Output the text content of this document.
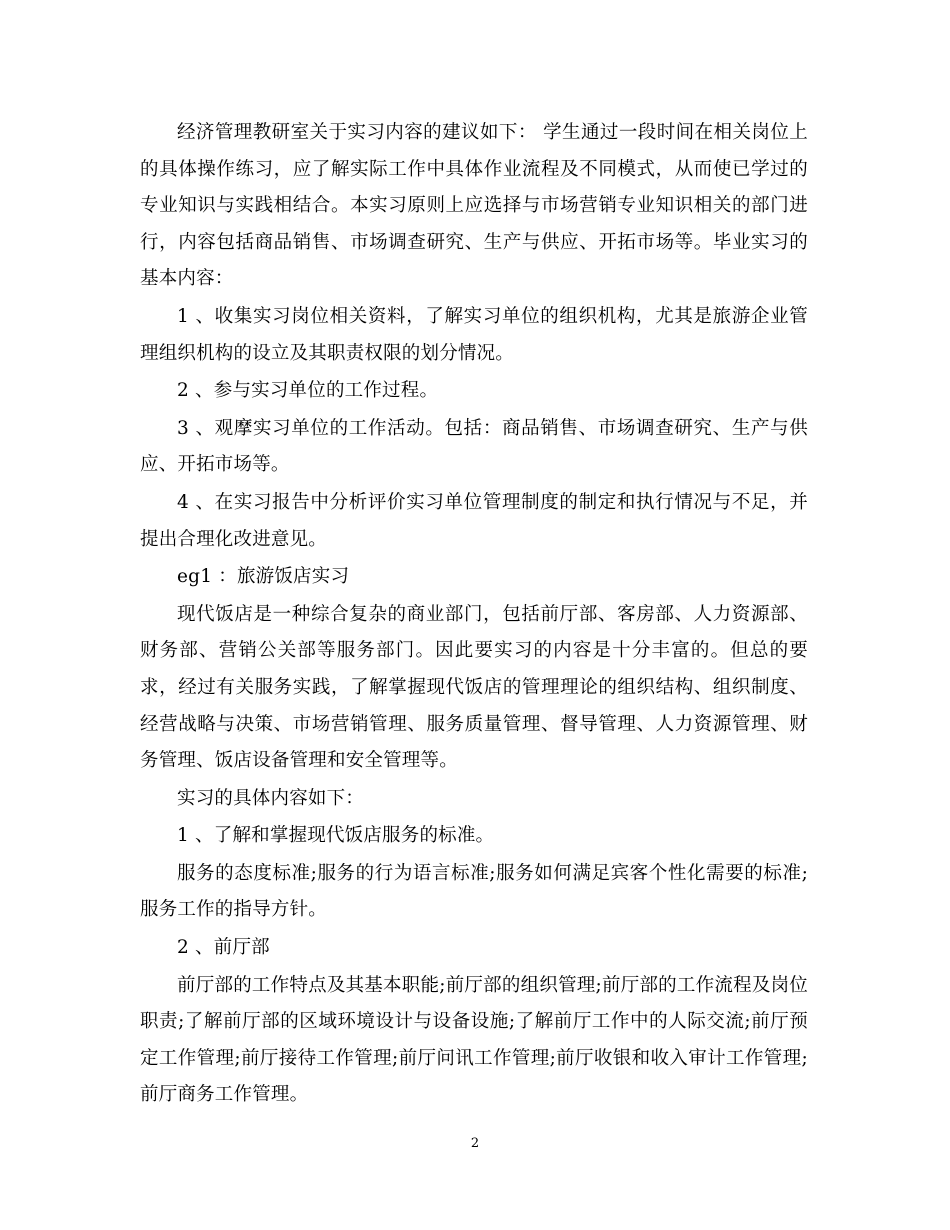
经济管理教研室关于实习内容的建议如下： 学生通过一段时间在相关岗位上的具体操作练习，应了解实际工作中具体作业流程及不同模式，从而使已学过的专业知识与实践相结合。本实习原则上应选择与市场营销专业知识相关的部门进行，内容包括商品销售、市场调查研究、生产与供应、开拓市场等。毕业实习的基本内容：

1 、收集实习岗位相关资料，了解实习单位的组织机构，尤其是旅游企业管理组织机构的设立及其职责权限的划分情况。

2 、参与实习单位的工作过程。

3 、观摩实习单位的工作活动。包括：商品销售、市场调查研究、生产与供应、开拓市场等。

4 、在实习报告中分析评价实习单位管理制度的制定和执行情况与不足，并提出合理化改进意见。

eg1 ：旅游饭店实习

现代饭店是一种综合复杂的商业部门，包括前厅部、客房部、人力资源部、财务部、营销公关部等服务部门。因此要实习的内容是十分丰富的。但总的要求，经过有关服务实践，了解掌握现代饭店的管理理论的组织结构、组织制度、经营战略与决策、市场营销管理、服务质量管理、督导管理、人力资源管理、财务管理、饭店设备管理和安全管理等。

实习的具体内容如下：

1 、了解和掌握现代饭店服务的标准。

服务的态度标准;服务的行为语言标准;服务如何满足宾客个性化需要的标准;服务工作的指导方针。

2 、前厅部

前厅部的工作特点及其基本职能;前厅部的组织管理;前厅部的工作流程及岗位职责;了解前厅部的区域环境设计与设备设施;了解前厅工作中的人际交流;前厅预定工作管理;前厅接待工作管理;前厅问讯工作管理;前厅收银和收入审计工作管理;前厅商务工作管理。

2
